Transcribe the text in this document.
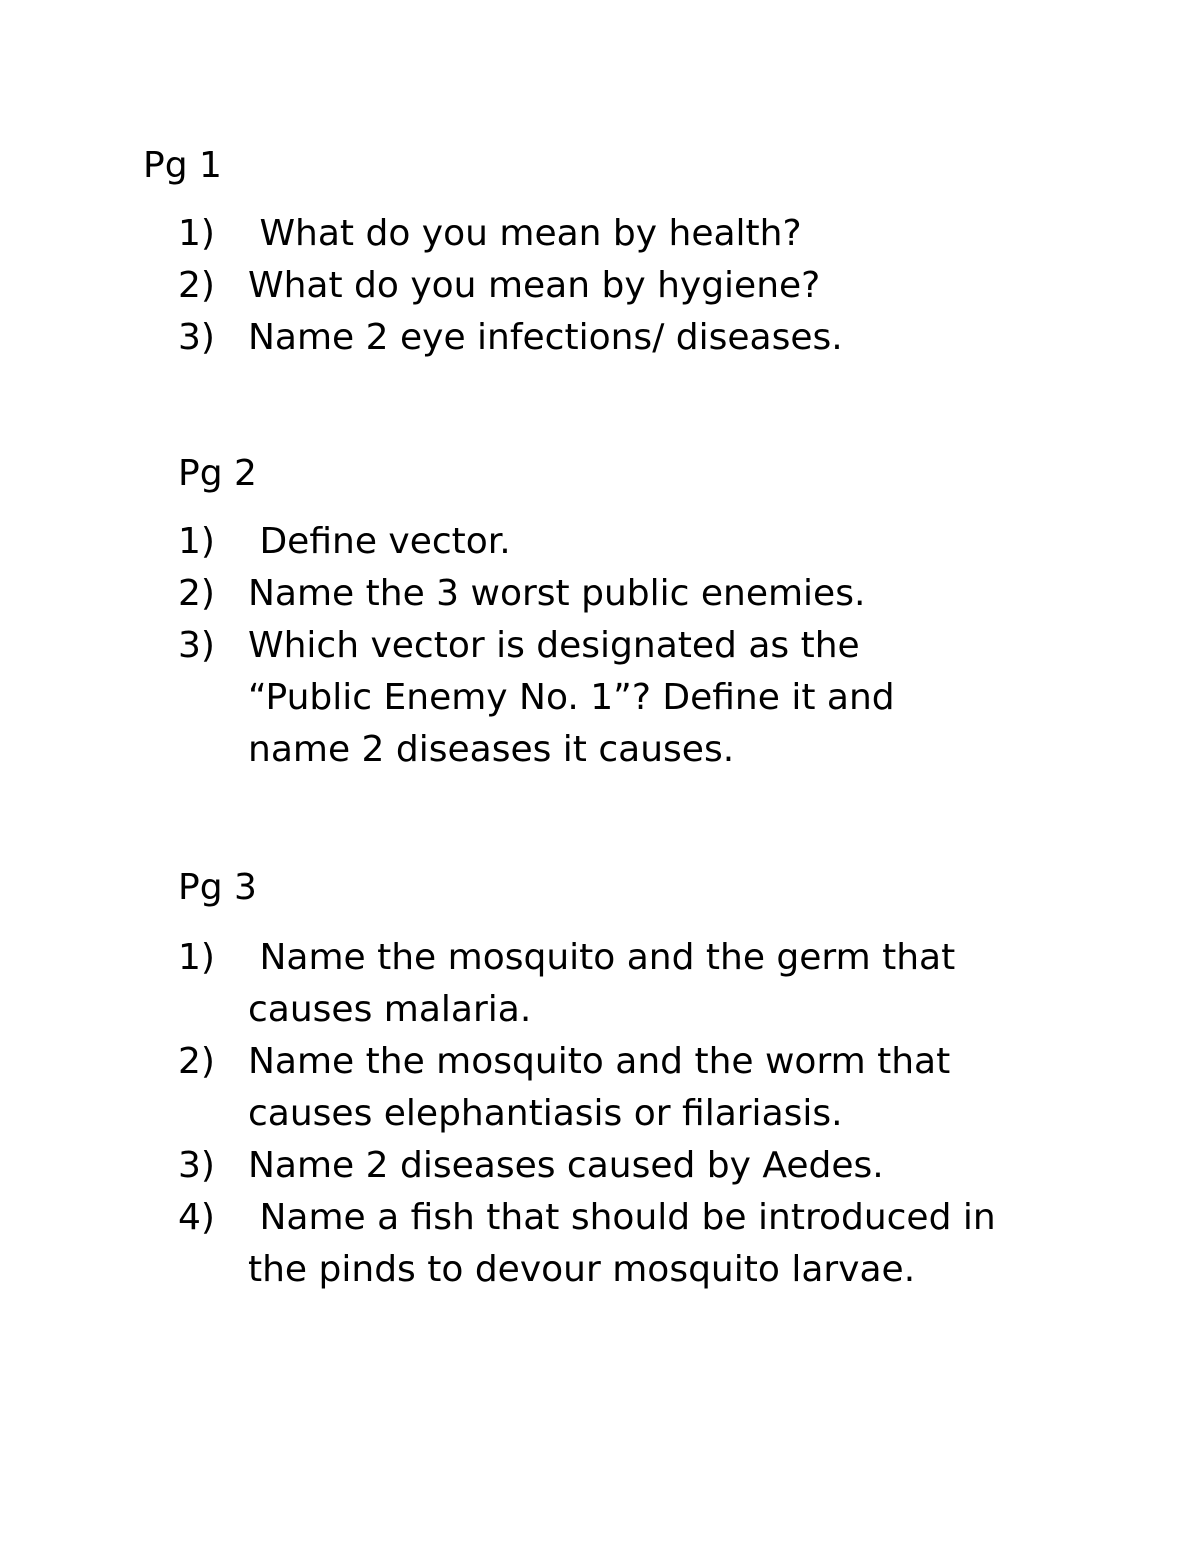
Pg 1
1) What do you mean by health?
2) What do you mean by hygiene?
3) Name 2 eye infections/ diseases.
Pg 2
1) Define vector.
2) Name the 3 worst public enemies.
3) Which vector is designated as the “Public Enemy No. 1”? Define it and name 2 diseases it causes.
Pg 3
1) Name the mosquito and the germ that causes malaria.
2) Name the mosquito and the worm that causes elephantiasis or filariasis.
3) Name 2 diseases caused by Aedes.
4) Name a fish that should be introduced in the pinds to devour mosquito larvae.
